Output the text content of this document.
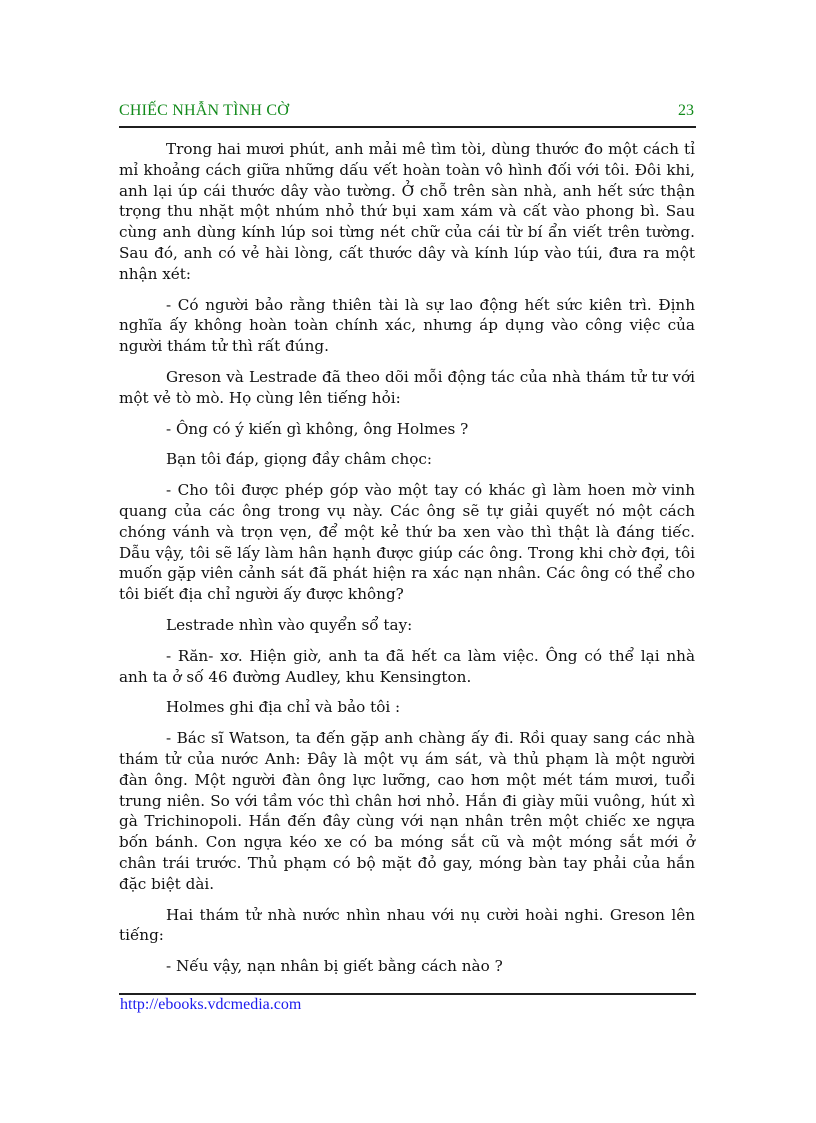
CHIẾC NHẪN TÌNH CỜ	23

Trong hai mươi phút, anh mải mê tìm tòi, dùng thước đo một cách tỉ mỉ khoảng cách giữa những dấu vết hoàn toàn vô hình đối với tôi. Đôi khi, anh lại úp cái thước dây vào tường. Ở chỗ trên sàn nhà, anh hết sức thận trọng thu nhặt một nhúm nhỏ thứ bụi xam xám và cất vào phong bì. Sau cùng anh dùng kính lúp soi từng nét chữ của cái từ bí ẩn viết trên tường. Sau đó, anh có vẻ hài lòng, cất thước dây và kính lúp vào túi, đưa ra một nhận xét:

- Có người bảo rằng thiên tài là sự lao động hết sức kiên trì. Định nghĩa ấy không hoàn toàn chính xác, nhưng áp dụng vào công việc của người thám tử thì rất đúng.

Greson và Lestrade đã theo dõi mỗi động tác của nhà thám tử tư với một vẻ tò mò. Họ cùng lên tiếng hỏi:

- Ông có ý kiến gì không, ông Holmes ?

Bạn tôi đáp, giọng đầy châm chọc:

- Cho tôi được phép góp vào một tay có khác gì làm hoen mờ vinh quang của các ông trong vụ này. Các ông sẽ tự giải quyết nó một cách chóng vánh và trọn vẹn, để một kẻ thứ ba xen vào thì thật là đáng tiếc. Dẫu vậy, tôi sẽ lấy làm hân hạnh được giúp các ông. Trong khi chờ đợi, tôi muốn gặp viên cảnh sát đã phát hiện ra xác nạn nhân. Các ông có thể cho tôi biết địa chỉ người ấy được không?

Lestrade nhìn vào quyển sổ tay:

- Răn- xơ. Hiện giờ, anh ta đã hết ca làm việc. Ông có thể lại nhà anh ta ở số 46 đường Audley, khu Kensington.

Holmes ghi địa chỉ và bảo tôi :

- Bác sĩ Watson, ta đến gặp anh chàng ấy đi. Rồi quay sang các nhà thám tử của nước Anh: Đây là một vụ ám sát, và thủ phạm là một người đàn ông. Một người đàn ông lực lưỡng, cao hơn một mét tám mươi, tuổi trung niên. So với tầm vóc thì chân hơi nhỏ. Hắn đi giày mũi vuông, hút xì gà Trichinopoli. Hắn đến đây cùng với nạn nhân trên một chiếc xe ngựa bốn bánh. Con ngựa kéo xe có ba móng sắt cũ và một móng sắt mới ở chân trái trước. Thủ phạm có bộ mặt đỏ gay, móng bàn tay phải của hắn đặc biệt dài.

Hai thám tử nhà nước nhìn nhau với nụ cười hoài nghi. Greson lên tiếng:

- Nếu vậy, nạn nhân bị giết bằng cách nào ?

http://ebooks.vdcmedia.com
